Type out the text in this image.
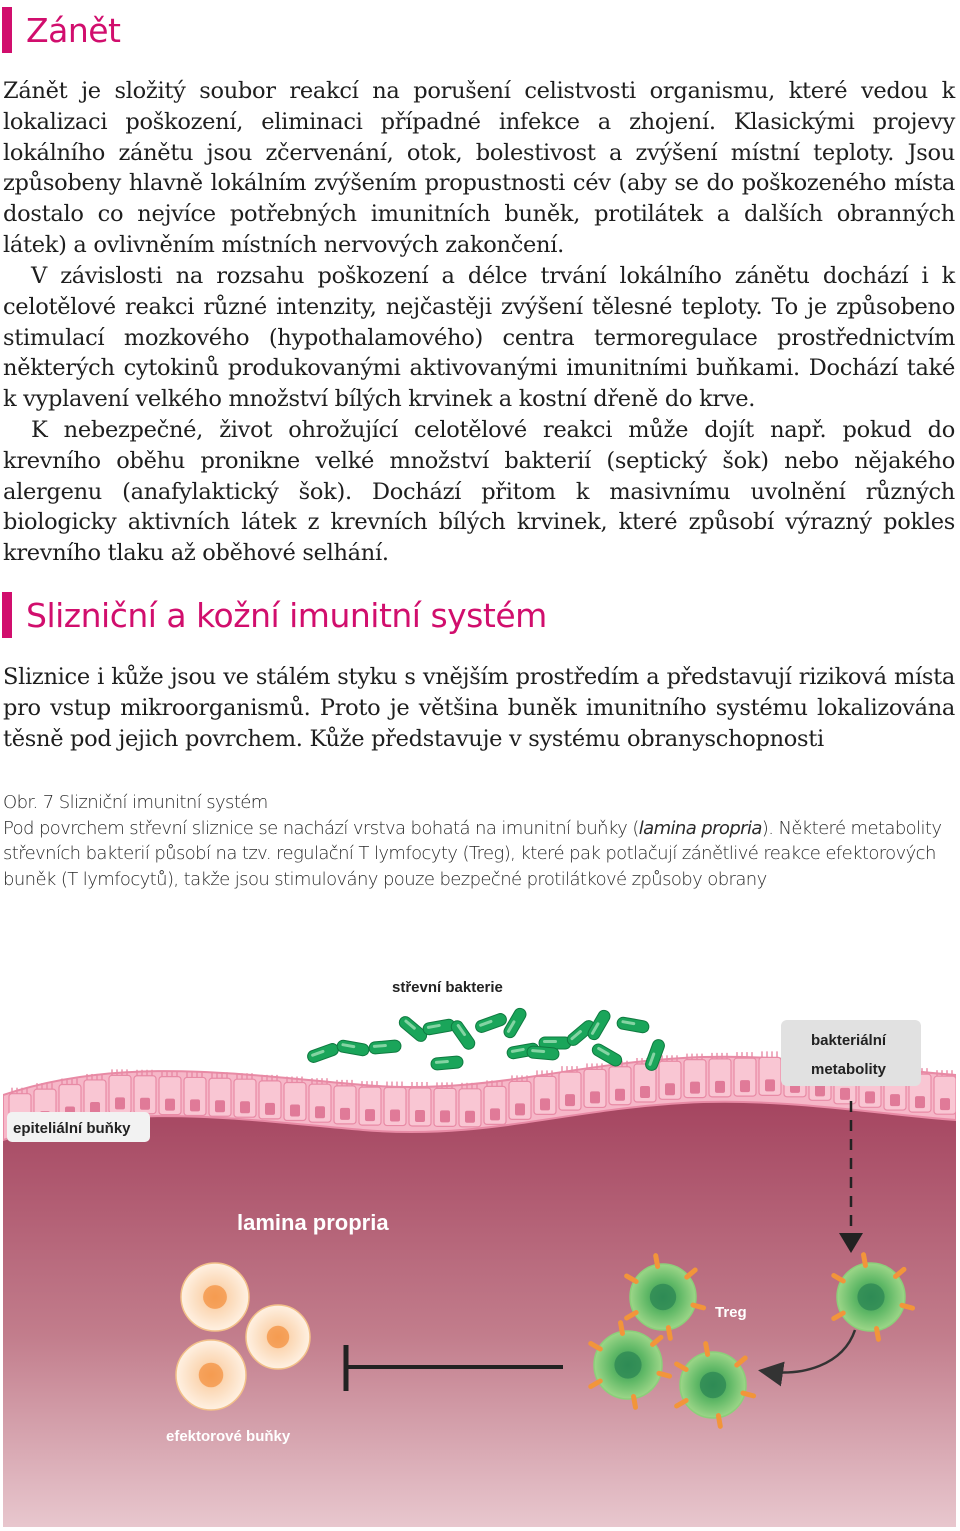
Zánět

Zánět je složitý soubor reakcí na porušení celistvosti organismu, které vedou k lokalizaci poškození, eliminaci případné infekce a zhojení. Klasickými projevy lokálního zánětu jsou zčervenání, otok, bolestivost a zvýšení místní teploty. Jsou způsobeny hlavně lokálním zvýšením propustnosti cév (aby se do poškozeného místa dostalo co nejvíce potřebných imunitních buněk, protilátek a dalších obranných látek) a ovlivněním místních nervových zakončení.

V závislosti na rozsahu poškození a délce trvání lokálního zánětu dochází i k celotělové reakci různé intenzity, nejčastěji zvýšení tělesné teploty. To je způsobeno stimulací mozkového (hypothalamového) centra termoregulace prostřednictvím některých cytokinů produkovanými aktivovanými imunitními buňkami. Dochází také k vyplavení velkého množství bílých krvinek a kostní dřeně do krve.

K nebezpečné, život ohrožující celotělové reakci může dojít např. pokud do krevního oběhu pronikne velké množství bakterií (septický šok) nebo nějakého alergenu (anafylaktický šok). Dochází přitom k masivnímu uvolnění různých biologicky aktivních látek z krevních bílých krvinek, které způsobí výrazný pokles krevního tlaku až oběhové selhání.

Slizniční a kožní imunitní systém

Sliznice i kůže jsou ve stálém styku s vnějším prostředím a představují riziková místa pro vstup mikroorganismů. Proto je většina buněk imunitního systému lokalizována těsně pod jejich povrchem. Kůže představuje v systému obranyschopnosti

Obr. 7 Slizniční imunitní systém
Pod povrchem střevní sliznice se nachází vrstva bohatá na imunitní buňky (lamina propria). Některé metabolity střevních bakterií působí na tzv. regulační T lymfocyty (Treg), které pak potlačují zánětlivé reakce efektorových buněk (T lymfocytů), takže jsou stimulovány pouze bezpečné protilátkové způsoby obrany
střevní bakterie
bakteriální
metabolity
epiteliální buňky
lamina propria
efektorové buňky
Treg
